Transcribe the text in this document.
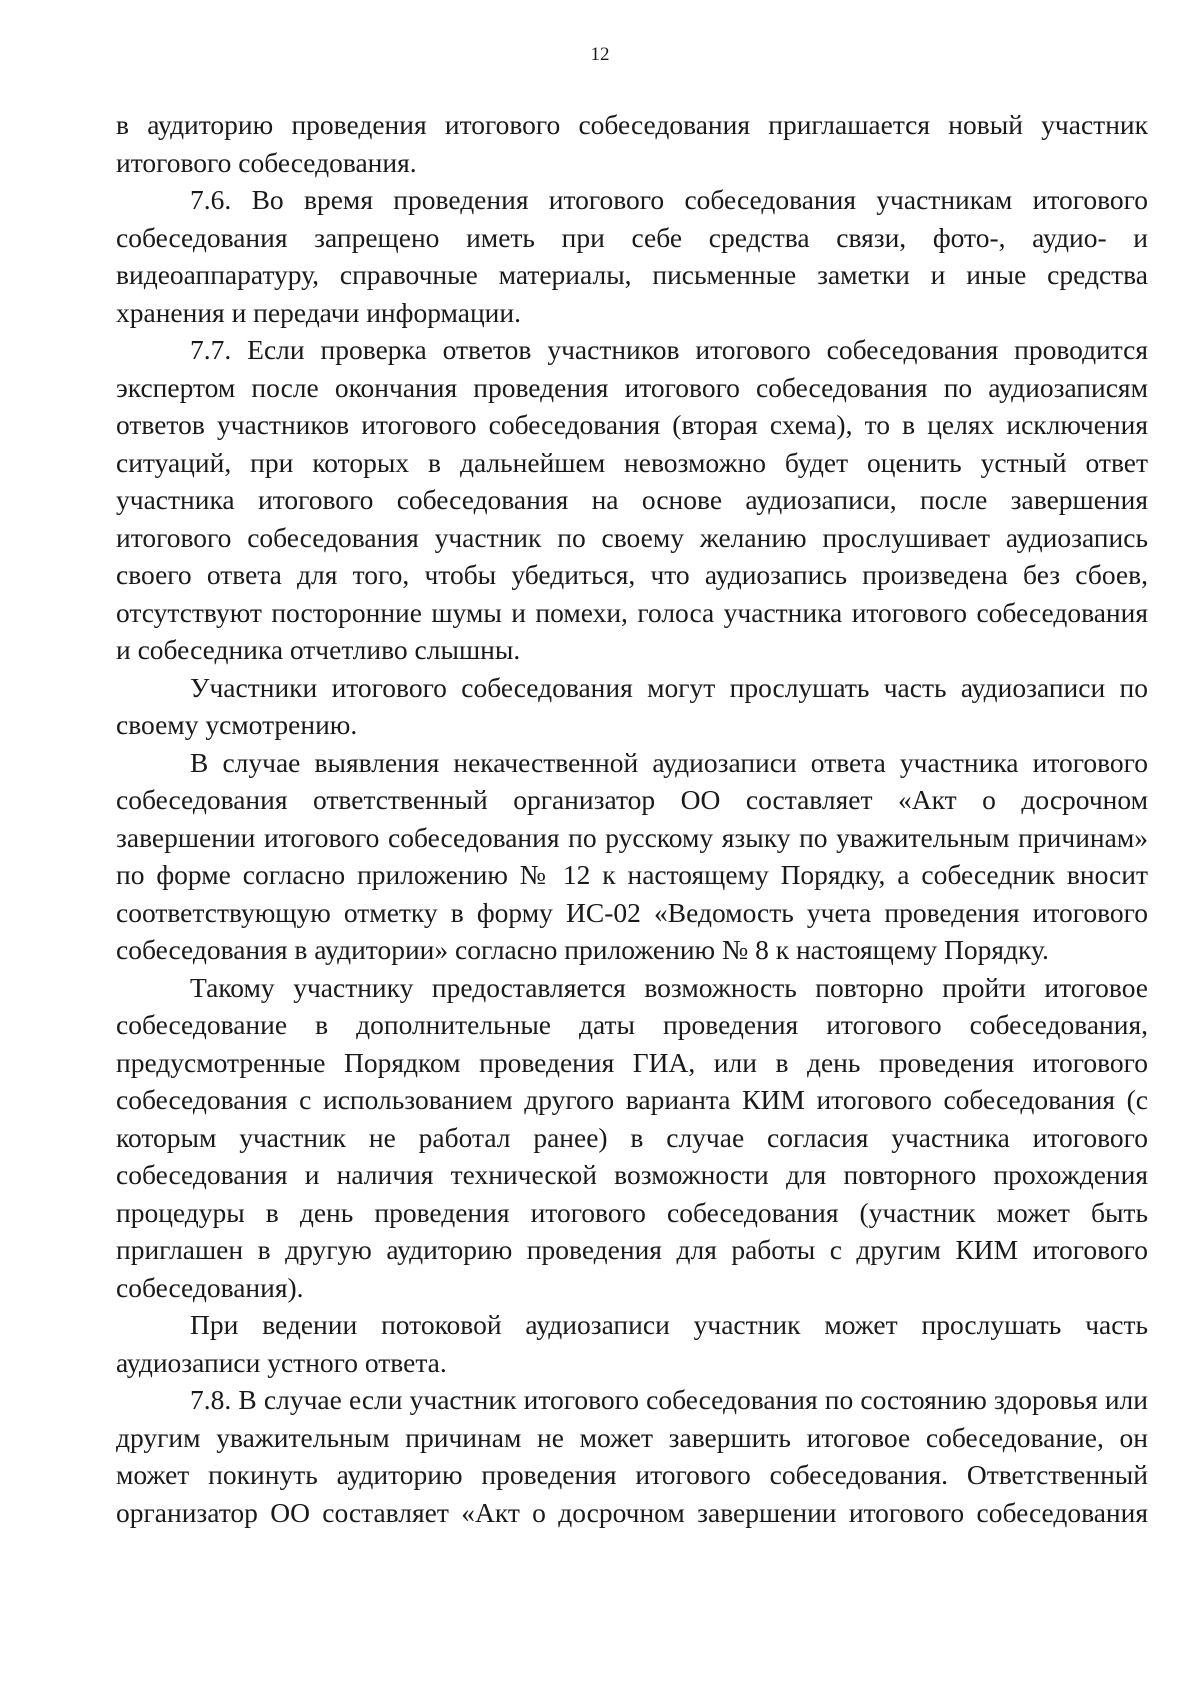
12

в аудиторию проведения итогового собеседования приглашается новый участник итогового собеседования.

7.6. Во время проведения итогового собеседования участникам итогового собеседования запрещено иметь при себе средства связи, фото-, аудио- и видеоаппаратуру, справочные материалы, письменные заметки и иные средства хранения и передачи информации.

7.7. Если проверка ответов участников итогового собеседования проводится экспертом после окончания проведения итогового собеседования по аудиозаписям ответов участников итогового собеседования (вторая схема), то в целях исключения ситуаций, при которых в дальнейшем невозможно будет оценить устный ответ участника итогового собеседования на основе аудиозаписи, после завершения итогового собеседования участник по своему желанию прослушивает аудиозапись своего ответа для того, чтобы убедиться, что аудиозапись произведена без сбоев, отсутствуют посторонние шумы и помехи, голоса участника итогового собеседования и собеседника отчетливо слышны.

Участники итогового собеседования могут прослушать часть аудиозаписи по своему усмотрению.

В случае выявления некачественной аудиозаписи ответа участника итогового собеседования ответственный организатор ОО составляет «Акт о досрочном завершении итогового собеседования по русскому языку по уважительным причинам» по форме согласно приложению № 12 к настоящему Порядку, а собеседник вносит соответствующую отметку в форму ИС-02 «Ведомость учета проведения итогового собеседования в аудитории» согласно приложению № 8 к настоящему Порядку.

Такому участнику предоставляется возможность повторно пройти итоговое собеседование в дополнительные даты проведения итогового собеседования, предусмотренные Порядком проведения ГИА, или в день проведения итогового собеседования с использованием другого варианта КИМ итогового собеседования (с которым участник не работал ранее) в случае согласия участника итогового собеседования и наличия технической возможности для повторного прохождения процедуры в день проведения итогового собеседования (участник может быть приглашен в другую аудиторию проведения для работы с другим КИМ итогового собеседования).

При ведении потоковой аудиозаписи участник может прослушать часть аудиозаписи устного ответа.

7.8. В случае если участник итогового собеседования по состоянию здоровья или другим уважительным причинам не может завершить итоговое собеседование, он может покинуть аудиторию проведения итогового собеседования. Ответственный организатор ОО составляет «Акт о досрочном завершении итогового собеседования
